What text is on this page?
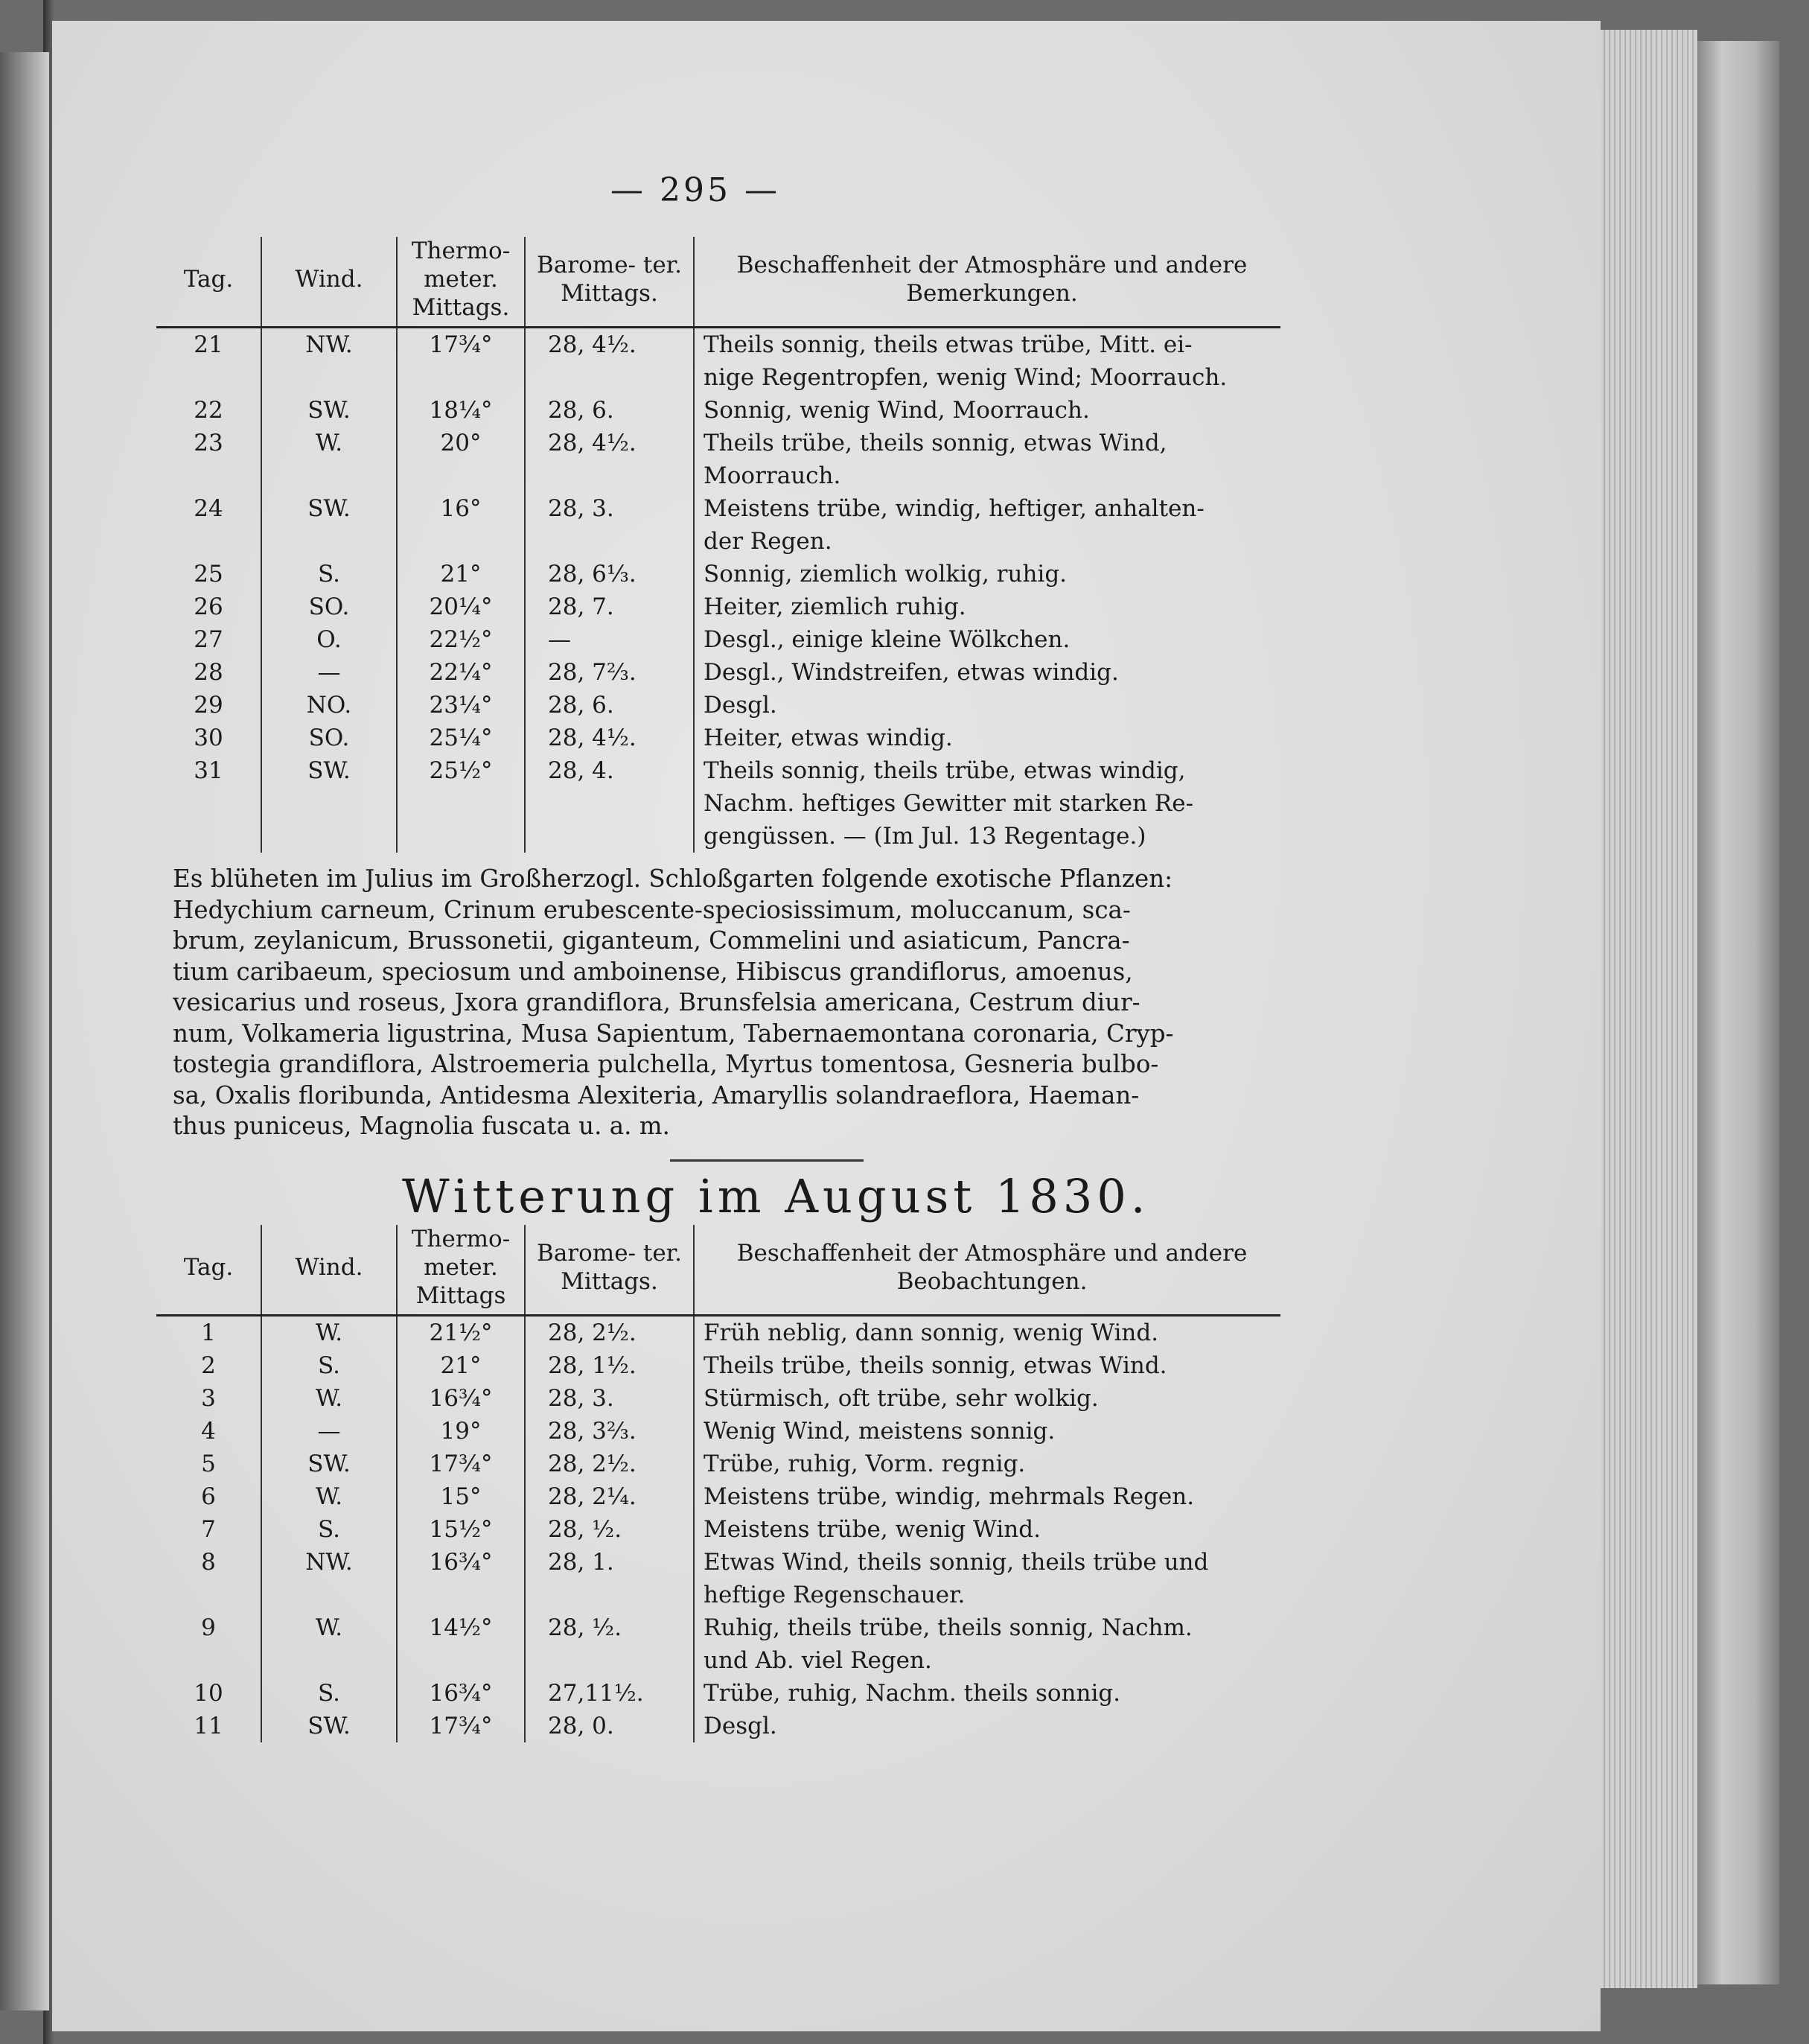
— 295 —
Tag.	Wind.	Thermo- meter. Mittags.	Barome- ter. Mittags.	Beschaffenheit der Atmosphäre und andere Bemerkungen.
21	NW.	17¾°	28, 4½.	Theils sonnig, theils etwas trübe, Mitt. ei-
nige Regentropfen, wenig Wind; Moorrauch.

22	SW.	18¼°	28, 6.	Sonnig, wenig Wind, Moorrauch.

23	W.	20°	28, 4½.	Theils trübe, theils sonnig, etwas Wind,
Moorrauch.

24	SW.	16°	28, 3.	Meistens trübe, windig, heftiger, anhalten-
der Regen.

25	S.	21°	28, 6⅓.	Sonnig, ziemlich wolkig, ruhig.

26	SO.	20¼°	28, 7.	Heiter, ziemlich ruhig.

27	O.	22½°	—	Desgl., einige kleine Wölkchen.

28	—	22¼°	28, 7⅔.	Desgl., Windstreifen, etwas windig.

29	NO.	23¼°	28, 6.	Desgl.

30	SO.	25¼°	28, 4½.	Heiter, etwas windig.

31	SW.	25½°	28, 4.	Theils sonnig, theils trübe, etwas windig,
Nachm. heftiges Gewitter mit starken Re-
gengüssen. — (Im Jul. 13 Regentage.)
Es blüheten im Julius im Großherzogl. Schloßgarten folgende exotische Pflanzen:
Hedychium carneum, Crinum erubescente-speciosissimum, moluccanum, sca-
brum, zeylanicum, Brussonetii, giganteum, Commelini und asiaticum, Pancra-
tium caribaeum, speciosum und amboinense, Hibiscus grandiflorus, amoenus,
vesicarius und roseus, Jxora grandiflora, Brunsfelsia americana, Cestrum diur-
num, Volkameria ligustrina, Musa Sapientum, Tabernaemontana coronaria, Cryp-
tostegia grandiflora, Alstroemeria pulchella, Myrtus tomentosa, Gesneria bulbo-
sa, Oxalis floribunda, Antidesma Alexiteria, Amaryllis solandraeflora, Haeman-
thus puniceus, Magnolia fuscata u. a. m.
Witterung im August 1830.
Tag.	Wind.	Thermo- meter. Mittags	Barome- ter. Mittags.	Beschaffenheit der Atmosphäre und andere Beobachtungen.
1	W.	21½°	28, 2½.	Früh neblig, dann sonnig, wenig Wind.

2	S.	21°	28, 1½.	Theils trübe, theils sonnig, etwas Wind.

3	W.	16¾°	28, 3.	Stürmisch, oft trübe, sehr wolkig.

4	—	19°	28, 3⅔.	Wenig Wind, meistens sonnig.

5	SW.	17¾°	28, 2½.	Trübe, ruhig, Vorm. regnig.

6	W.	15°	28, 2¼.	Meistens trübe, windig, mehrmals Regen.

7	S.	15½°	28, ½.	Meistens trübe, wenig Wind.

8	NW.	16¾°	28, 1.	Etwas Wind, theils sonnig, theils trübe und
heftige Regenschauer.

9	W.	14½°	28, ½.	Ruhig, theils trübe, theils sonnig, Nachm.
und Ab. viel Regen.

10	S.	16¾°	27,11½.	Trübe, ruhig, Nachm. theils sonnig.

11	SW.	17¾°	28, 0.	Desgl.
